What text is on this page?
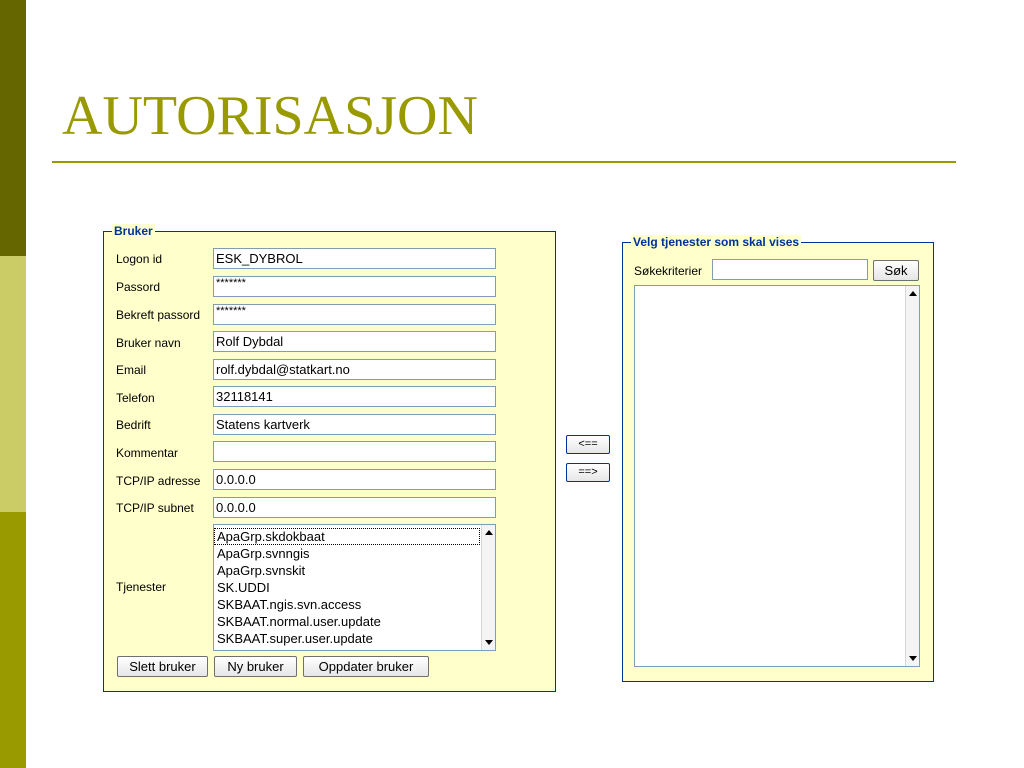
AUTORISASJON
Bruker
Logon id	ESK_DYBROL
Passord	*******
Bekreft passord *******
Bruker navn	Rolf Dybdal
Email	rolf.dybdal@statkart.no
Telefon	32118141
Bedrift	Statens kartverk
Kommentar
TCP/IP adresse 0.0.0.0
TCP/IP subnet 0.0.0.0
Tjenester
ApaGrp.skdokbaat
ApaGrp.svnngis
ApaGrp.svnskit
SK.UDDI
SKBAAT.ngis.svn.access
SKBAAT.normal.user.update
SKBAAT.super.user.update
Slett bruker	Ny bruker	Oppdater bruker
<==
==>
Velg tjenester som skal vises
Søkekriterier	Søk
